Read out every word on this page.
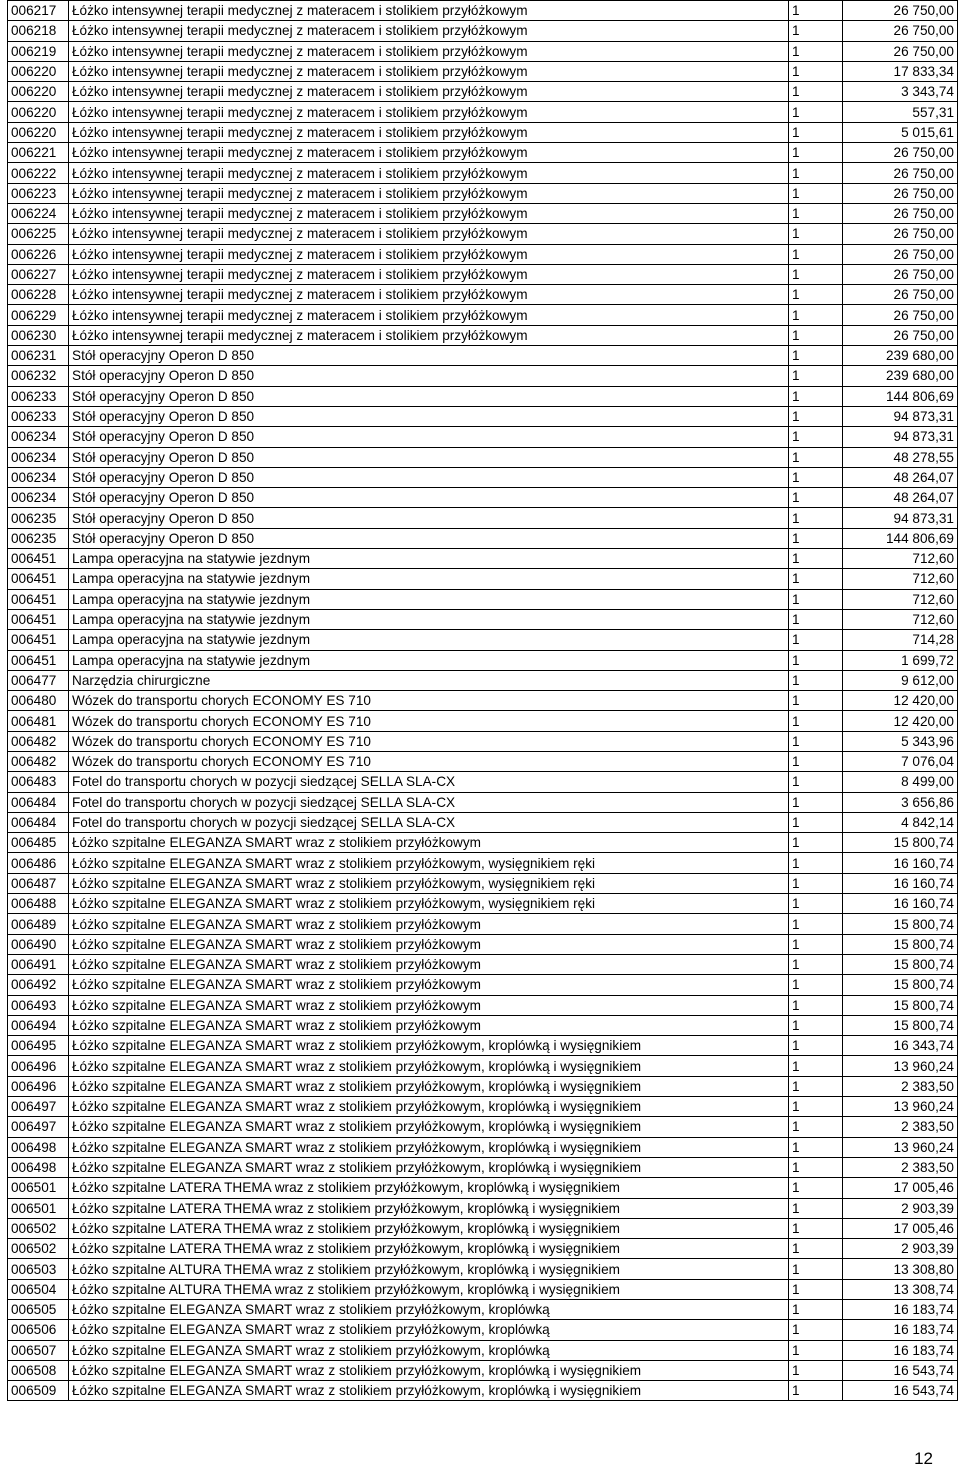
006217	Łóżko intensywnej terapii medycznej z materacem i stolikiem przyłóżkowym	1	26 750,00
006218	Łóżko intensywnej terapii medycznej z materacem i stolikiem przyłóżkowym	1	26 750,00
006219	Łóżko intensywnej terapii medycznej z materacem i stolikiem przyłóżkowym	1	26 750,00
006220	Łóżko intensywnej terapii medycznej z materacem i stolikiem przyłóżkowym	1	17 833,34
006220	Łóżko intensywnej terapii medycznej z materacem i stolikiem przyłóżkowym	1	3 343,74
006220	Łóżko intensywnej terapii medycznej z materacem i stolikiem przyłóżkowym	1	557,31
006220	Łóżko intensywnej terapii medycznej z materacem i stolikiem przyłóżkowym	1	5 015,61
006221	Łóżko intensywnej terapii medycznej z materacem i stolikiem przyłóżkowym	1	26 750,00
006222	Łóżko intensywnej terapii medycznej z materacem i stolikiem przyłóżkowym	1	26 750,00
006223	Łóżko intensywnej terapii medycznej z materacem i stolikiem przyłóżkowym	1	26 750,00
006224	Łóżko intensywnej terapii medycznej z materacem i stolikiem przyłóżkowym	1	26 750,00
006225	Łóżko intensywnej terapii medycznej z materacem i stolikiem przyłóżkowym	1	26 750,00
006226	Łóżko intensywnej terapii medycznej z materacem i stolikiem przyłóżkowym	1	26 750,00
006227	Łóżko intensywnej terapii medycznej z materacem i stolikiem przyłóżkowym	1	26 750,00
006228	Łóżko intensywnej terapii medycznej z materacem i stolikiem przyłóżkowym	1	26 750,00
006229	Łóżko intensywnej terapii medycznej z materacem i stolikiem przyłóżkowym	1	26 750,00
006230	Łóżko intensywnej terapii medycznej z materacem i stolikiem przyłóżkowym	1	26 750,00
006231	Stół operacyjny Operon D 850	1	239 680,00
006232	Stół operacyjny Operon D 850	1	239 680,00
006233	Stół operacyjny Operon D 850	1	144 806,69
006233	Stół operacyjny Operon D 850	1	94 873,31
006234	Stół operacyjny Operon D 850	1	94 873,31
006234	Stół operacyjny Operon D 850	1	48 278,55
006234	Stół operacyjny Operon D 850	1	48 264,07
006234	Stół operacyjny Operon D 850	1	48 264,07
006235	Stół operacyjny Operon D 850	1	94 873,31
006235	Stół operacyjny Operon D 850	1	144 806,69
006451	Lampa operacyjna na statywie jezdnym	1	712,60
006451	Lampa operacyjna na statywie jezdnym	1	712,60
006451	Lampa operacyjna na statywie jezdnym	1	712,60
006451	Lampa operacyjna na statywie jezdnym	1	712,60
006451	Lampa operacyjna na statywie jezdnym	1	714,28
006451	Lampa operacyjna na statywie jezdnym	1	1 699,72
006477	Narzędzia chirurgiczne	1	9 612,00
006480	Wózek do transportu chorych ECONOMY ES 710	1	12 420,00
006481	Wózek do transportu chorych ECONOMY ES 710	1	12 420,00
006482	Wózek do transportu chorych ECONOMY ES 710	1	5 343,96
006482	Wózek do transportu chorych ECONOMY ES 710	1	7 076,04
006483	Fotel do transportu chorych w pozycji siedzącej SELLA SLA-CX	1	8 499,00
006484	Fotel do transportu chorych w pozycji siedzącej SELLA SLA-CX	1	3 656,86
006484	Fotel do transportu chorych w pozycji siedzącej SELLA SLA-CX	1	4 842,14
006485	Łóżko szpitalne ELEGANZA SMART wraz z stolikiem przyłóżkowym	1	15 800,74
006486	Łóżko szpitalne ELEGANZA SMART wraz z stolikiem przyłóżkowym, wysięgnikiem ręki	1	16 160,74
006487	Łóżko szpitalne ELEGANZA SMART wraz z stolikiem przyłóżkowym, wysięgnikiem ręki	1	16 160,74
006488	Łóżko szpitalne ELEGANZA SMART wraz z stolikiem przyłóżkowym, wysięgnikiem ręki	1	16 160,74
006489	Łóżko szpitalne ELEGANZA SMART wraz z stolikiem przyłóżkowym	1	15 800,74
006490	Łóżko szpitalne ELEGANZA SMART wraz z stolikiem przyłóżkowym	1	15 800,74
006491	Łóżko szpitalne ELEGANZA SMART wraz z stolikiem przyłóżkowym	1	15 800,74
006492	Łóżko szpitalne ELEGANZA SMART wraz z stolikiem przyłóżkowym	1	15 800,74
006493	Łóżko szpitalne ELEGANZA SMART wraz z stolikiem przyłóżkowym	1	15 800,74
006494	Łóżko szpitalne ELEGANZA SMART wraz z stolikiem przyłóżkowym	1	15 800,74
006495	Łóżko szpitalne ELEGANZA SMART wraz z stolikiem przyłóżkowym, kroplówką i wysięgnikiem	1	16 343,74
006496	Łóżko szpitalne ELEGANZA SMART wraz z stolikiem przyłóżkowym, kroplówką i wysięgnikiem	1	13 960,24
006496	Łóżko szpitalne ELEGANZA SMART wraz z stolikiem przyłóżkowym, kroplówką i wysięgnikiem	1	2 383,50
006497	Łóżko szpitalne ELEGANZA SMART wraz z stolikiem przyłóżkowym, kroplówką i wysięgnikiem	1	13 960,24
006497	Łóżko szpitalne ELEGANZA SMART wraz z stolikiem przyłóżkowym, kroplówką i wysięgnikiem	1	2 383,50
006498	Łóżko szpitalne ELEGANZA SMART wraz z stolikiem przyłóżkowym, kroplówką i wysięgnikiem	1	13 960,24
006498	Łóżko szpitalne ELEGANZA SMART wraz z stolikiem przyłóżkowym, kroplówką i wysięgnikiem	1	2 383,50
006501	Łóżko szpitalne LATERA THEMA wraz z stolikiem przyłóżkowym, kroplówką i wysięgnikiem	1	17 005,46
006501	Łóżko szpitalne LATERA THEMA wraz z stolikiem przyłóżkowym, kroplówką i wysięgnikiem	1	2 903,39
006502	Łóżko szpitalne LATERA THEMA wraz z stolikiem przyłóżkowym, kroplówką i wysięgnikiem	1	17 005,46
006502	Łóżko szpitalne LATERA THEMA wraz z stolikiem przyłóżkowym, kroplówką i wysięgnikiem	1	2 903,39
006503	Łóżko szpitalne ALTURA THEMA wraz z stolikiem przyłóżkowym, kroplówką i wysięgnikiem	1	13 308,80
006504	Łóżko szpitalne ALTURA THEMA wraz z stolikiem przyłóżkowym, kroplówką i wysięgnikiem	1	13 308,74
006505	Łóżko szpitalne ELEGANZA SMART wraz z stolikiem przyłóżkowym, kroplówką	1	16 183,74
006506	Łóżko szpitalne ELEGANZA SMART wraz z stolikiem przyłóżkowym, kroplówką	1	16 183,74
006507	Łóżko szpitalne ELEGANZA SMART wraz z stolikiem przyłóżkowym, kroplówką	1	16 183,74
006508	Łóżko szpitalne ELEGANZA SMART wraz z stolikiem przyłóżkowym, kroplówką i wysięgnikiem	1	16 543,74
006509	Łóżko szpitalne ELEGANZA SMART wraz z stolikiem przyłóżkowym, kroplówką i wysięgnikiem	1	16 543,74
12
